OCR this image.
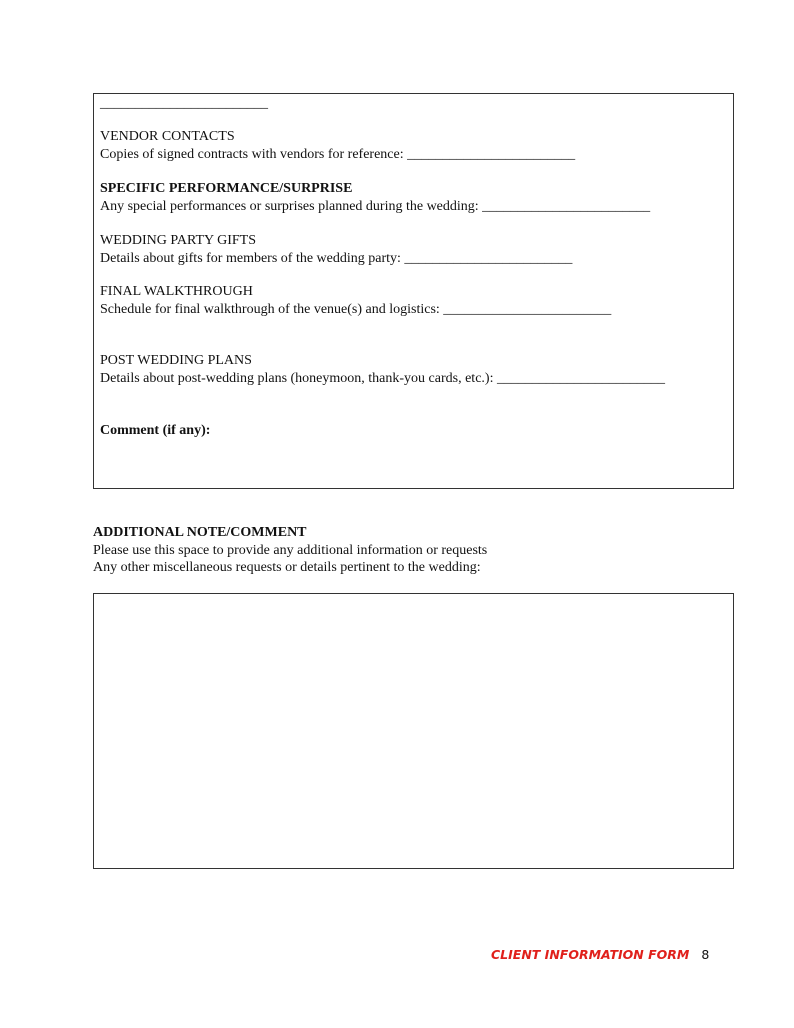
________________________
VENDOR CONTACTS
Copies of signed contracts with vendors for reference: ________________________
SPECIFIC PERFORMANCE/SURPRISE
Any special performances or surprises planned during the wedding: ________________________
WEDDING PARTY GIFTS
Details about gifts for members of the wedding party: ________________________
FINAL WALKTHROUGH
Schedule for final walkthrough of the venue(s) and logistics: ________________________
POST WEDDING PLANS
Details about post-wedding plans (honeymoon, thank-you cards, etc.): ________________________
Comment (if any):
ADDITIONAL NOTE/COMMENT
Please use this space to provide any additional information or requests
Any other miscellaneous requests or details pertinent to the wedding:
CLIENT INFORMATION FORM 8
